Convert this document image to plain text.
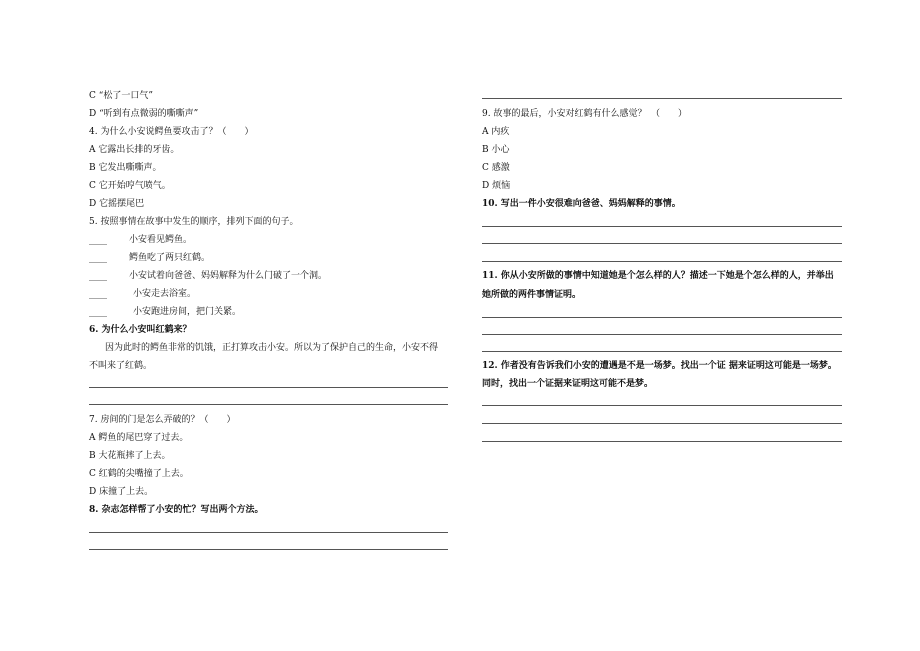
C “松了一口气”
D “听到有点微弱的嘶嘶声”
4. 为什么小安说鳄鱼要攻击了？（　　）
A 它露出长排的牙齿。
B 它发出嘶嘶声。
C 它开始哼气喷气。
D 它摇摆尾巴
5. 按照事情在故事中发生的顺序，排列下面的句子。
____ 小安看见鳄鱼。
____ 鳄鱼吃了两只红鹤。
____ 小安试着向爸爸、妈妈解释为什么门破了一个洞。
____	小安走去浴室。
____	小安跑进房间，把门关紧。
6. 为什么小安叫红鹤来？
因为此时的鳄鱼非常的饥饿，正打算攻击小安。所以为了保护自己的生命，小安不得
不叫来了红鹤。
7. 房间的门是怎么弄破的？（　　）
A 鳄鱼的尾巴穿了过去。
B 大花瓶摔了上去。
C 红鹤的尖嘴撞了上去。
D 床撞了上去。
8. 杂志怎样帮了小安的忙？写出两个方法。
9. 故事的最后，小安对红鹤有什么感觉？　（　　）
A 内疚
B 小心
C 感激
D 烦恼
10. 写出一件小安很难向爸爸、妈妈解释的事情。
11. 你从小安所做的事情中知道她是个怎么样的人？描述一下她是个怎么样的人，并举出
她所做的两件事情证明。
12. 作者没有告诉我们小安的遭遇是不是一场梦。找出一个证 据来证明这可能是一场梦。
同时，找出一个证据来证明这可能不是梦。
